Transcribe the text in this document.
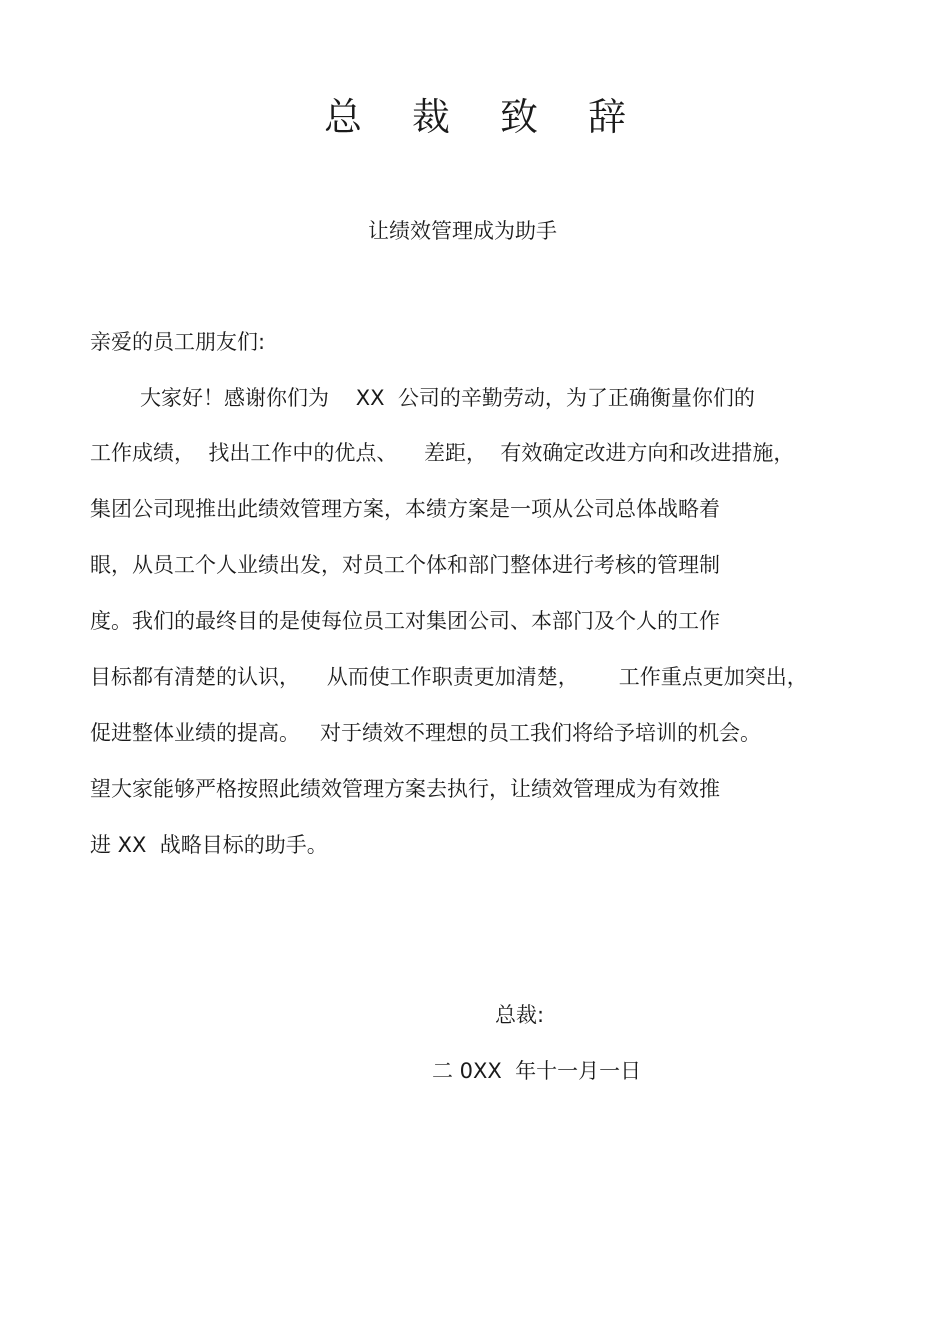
总裁致辞
让绩效管理成为助手
亲爱的员工朋友们:
大家好！感谢你们为    XX  公司的辛勤劳动，为了正确衡量你们的
工作成绩，  找出工作中的优点、    差距，  有效确定改进方向和改进措施，
集团公司现推出此绩效管理方案，本绩方案是一项从公司总体战略着
眼，从员工个人业绩出发，对员工个体和部门整体进行考核的管理制
度。我们的最终目的是使每位员工对集团公司、本部门及个人的工作
目标都有清楚的认识，    从而使工作职责更加清楚，      工作重点更加突出，
促进整体业绩的提高。   对于绩效不理想的员工我们将给予培训的机会。
望大家能够严格按照此绩效管理方案去执行，让绩效管理成为有效推
进 XX  战略目标的助手。
总裁:
二 0XX  年十一月一日
